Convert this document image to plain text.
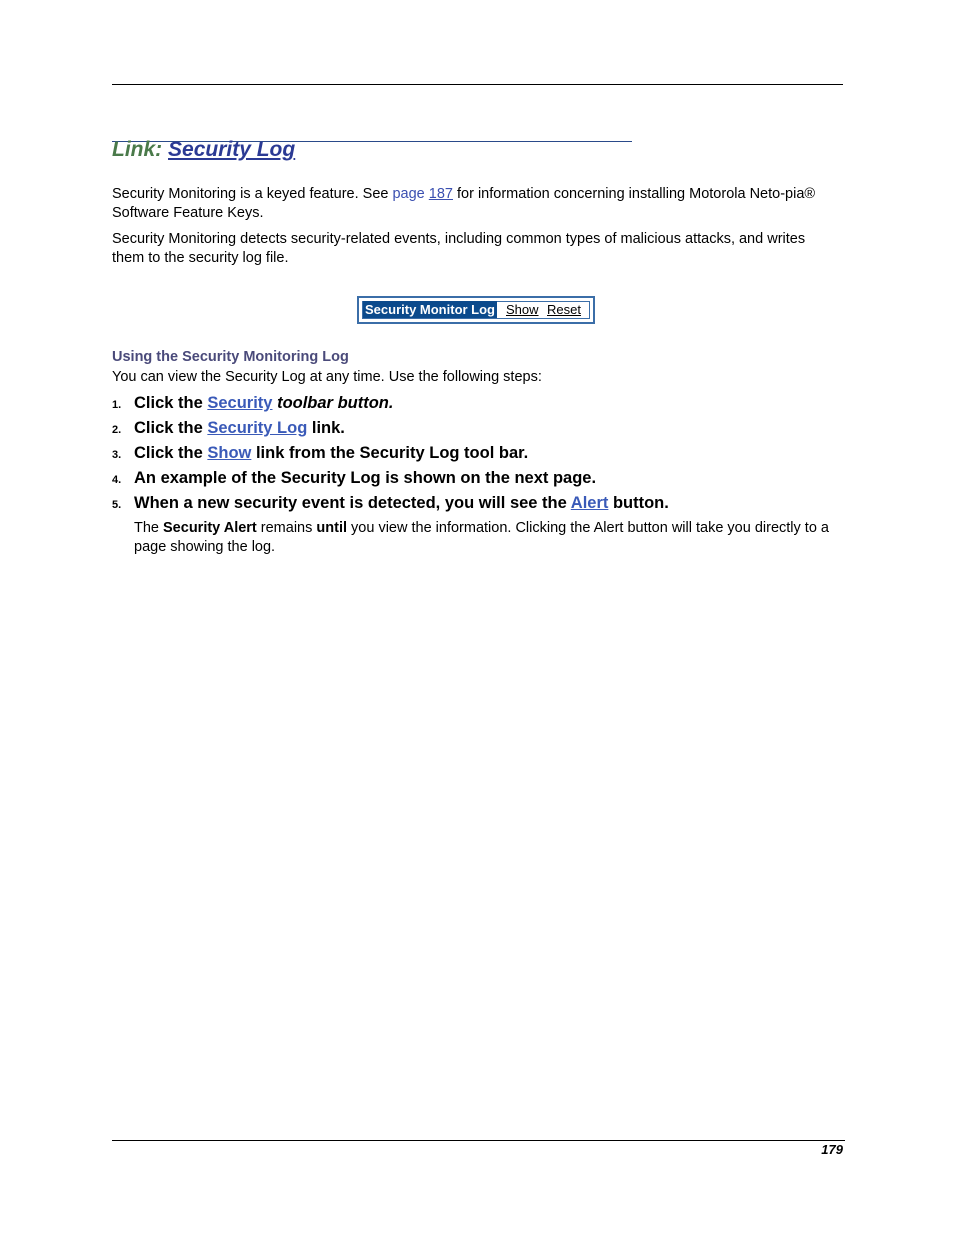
Link: Security Log
Security Monitoring is a keyed feature. See page 187 for information concerning installing Motorola Neto-pia® Software Feature Keys.
Security Monitoring detects security-related events, including common types of malicious attacks, and writes them to the security log file.
Security Monitor Log Show Reset
Using the Security Monitoring Log
You can view the Security Log at any time. Use the following steps:
1. Click the Security toolbar button.
2. Click the Security Log link.
3. Click the Show link from the Security Log tool bar.
4. An example of the Security Log is shown on the next page.
5. When a new security event is detected, you will see the Alert button.
The Security Alert remains until you view the information. Clicking the Alert button will take you directly to a page showing the log.
179
